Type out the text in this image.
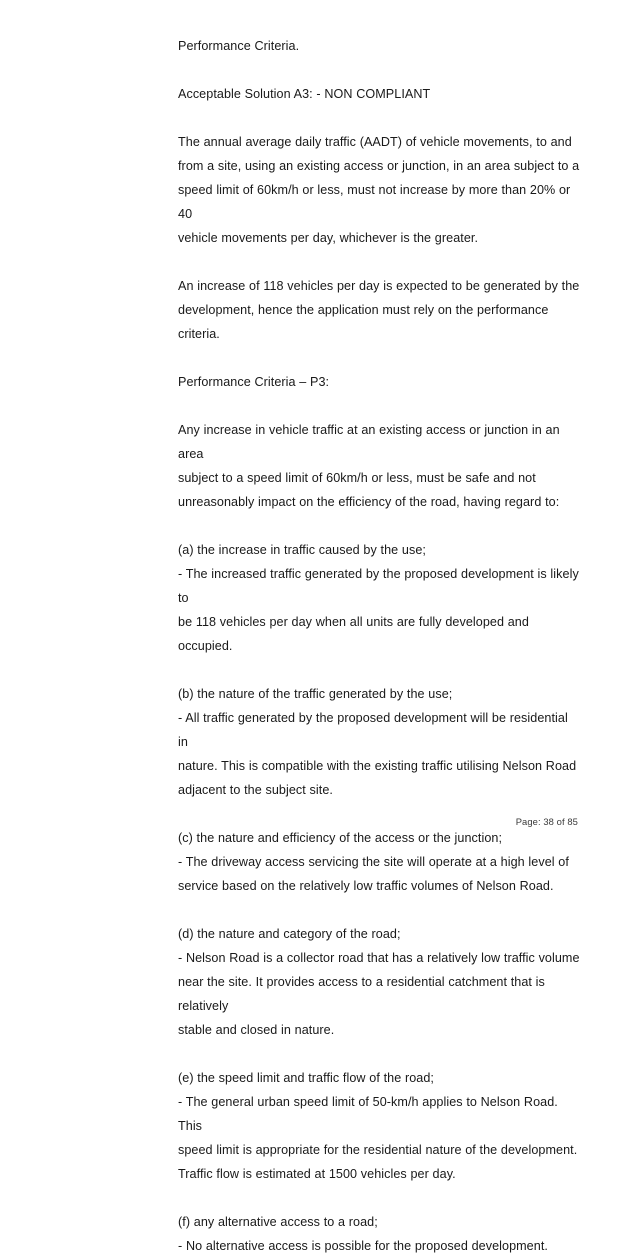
Performance Criteria.
Acceptable Solution A3: - NON COMPLIANT
The annual average daily traffic (AADT) of vehicle movements, to and
from a site, using an existing access or junction, in an area subject to a
speed limit of 60km/h or less, must not increase by more than 20% or 40
vehicle movements per day, whichever is the greater.
An increase of 118 vehicles per day is expected to be generated by the
development, hence the application must rely on the performance criteria.
Performance Criteria – P3:
Any increase in vehicle traffic at an existing access or junction in an area
subject to a speed limit of 60km/h or less, must be safe and not
unreasonably impact on the efficiency of the road, having regard to:
(a) the increase in traffic caused by the use;
- The increased traffic generated by the proposed development is likely to
be 118 vehicles per day when all units are fully developed and occupied.
(b) the nature of the traffic generated by the use;
- All traffic generated by the proposed development will be residential in
nature. This is compatible with the existing traffic utilising Nelson Road
adjacent to the subject site.
(c) the nature and efficiency of the access or the junction;
- The driveway access servicing the site will operate at a high level of
service based on the relatively low traffic volumes of Nelson Road.
(d) the nature and category of the road;
- Nelson Road is a collector road that has a relatively low traffic volume
near the site. It provides access to a residential catchment that is relatively
stable and closed in nature.
(e) the speed limit and traffic flow of the road;
- The general urban speed limit of 50-km/h applies to Nelson Road. This
speed limit is appropriate for the residential nature of the development.
Traffic flow is estimated at 1500 vehicles per day.
(f) any alternative access to a road;
- No alternative access is possible for the proposed development.
Page: 38 of 85
